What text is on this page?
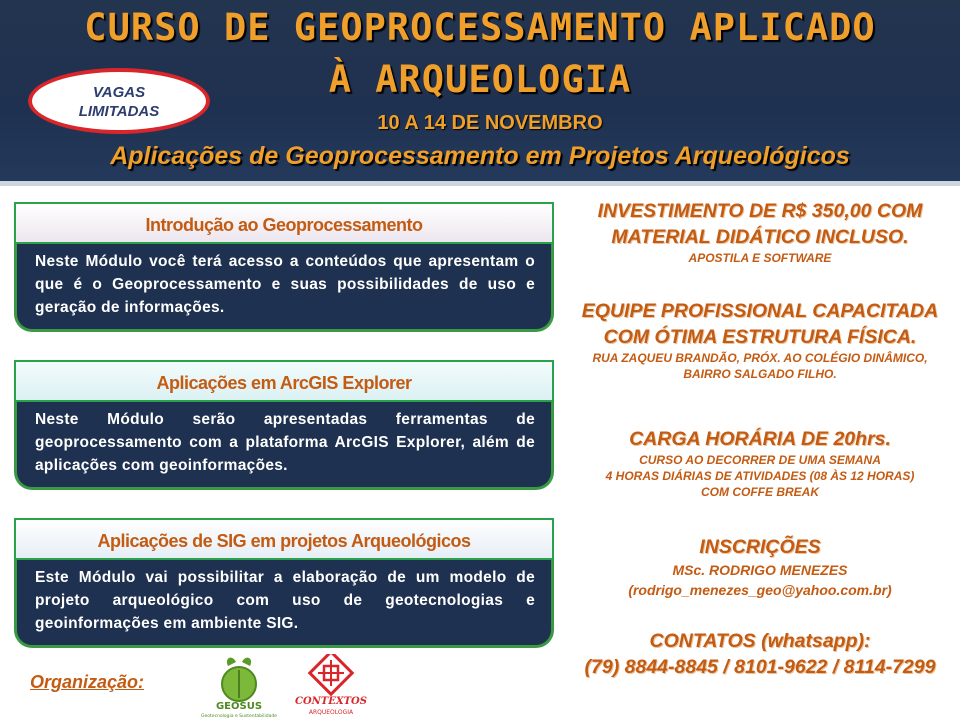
CURSO DE GEOPROCESSAMENTO APLICADO
À ARQUEOLOGIA
10 A 14 DE NOVEMBRO
Aplicações de Geoprocessamento em Projetos Arqueológicos
VAGAS
LIMITADAS
Introdução ao Geoprocessamento
Neste Módulo você terá acesso a conteúdos que apresentam o que é o Geoprocessamento e suas possibilidades de uso e geração de informações.
Aplicações em ArcGIS Explorer
Neste Módulo serão apresentadas ferramentas de geoprocessamento com a plataforma ArcGIS Explorer, além de aplicações com geoinformações.
Aplicações de SIG em projetos Arqueológicos
Este Módulo vai possibilitar a elaboração de um modelo de projeto arqueológico com uso de geotecnologias e geoinformações em ambiente SIG.
INVESTIMENTO DE R$ 350,00 COM
MATERIAL DIDÁTICO INCLUSO.
APOSTILA E SOFTWARE
EQUIPE PROFISSIONAL CAPACITADA
COM ÓTIMA ESTRUTURA FÍSICA.
RUA ZAQUEU BRANDÃO, PRÓX. AO COLÉGIO DINÂMICO,
BAIRRO SALGADO FILHO.
CARGA HORÁRIA DE 20hrs.
CURSO AO DECORRER DE UMA SEMANA
4 HORAS DIÁRIAS DE ATIVIDADES (08 ÀS 12 HORAS)
COM COFFE BREAK
INSCRIÇÕES
MSc. RODRIGO MENEZES
(rodrigo_menezes_geo@yahoo.com.br)
CONTATOS (whatsapp):
(79) 8844-8845 / 8101-9622 / 8114-7299
Organização:
GEOSUS
Geotecnologia e Sustentabilidade
CONTEXTOS
ARQUEOLOGIA
